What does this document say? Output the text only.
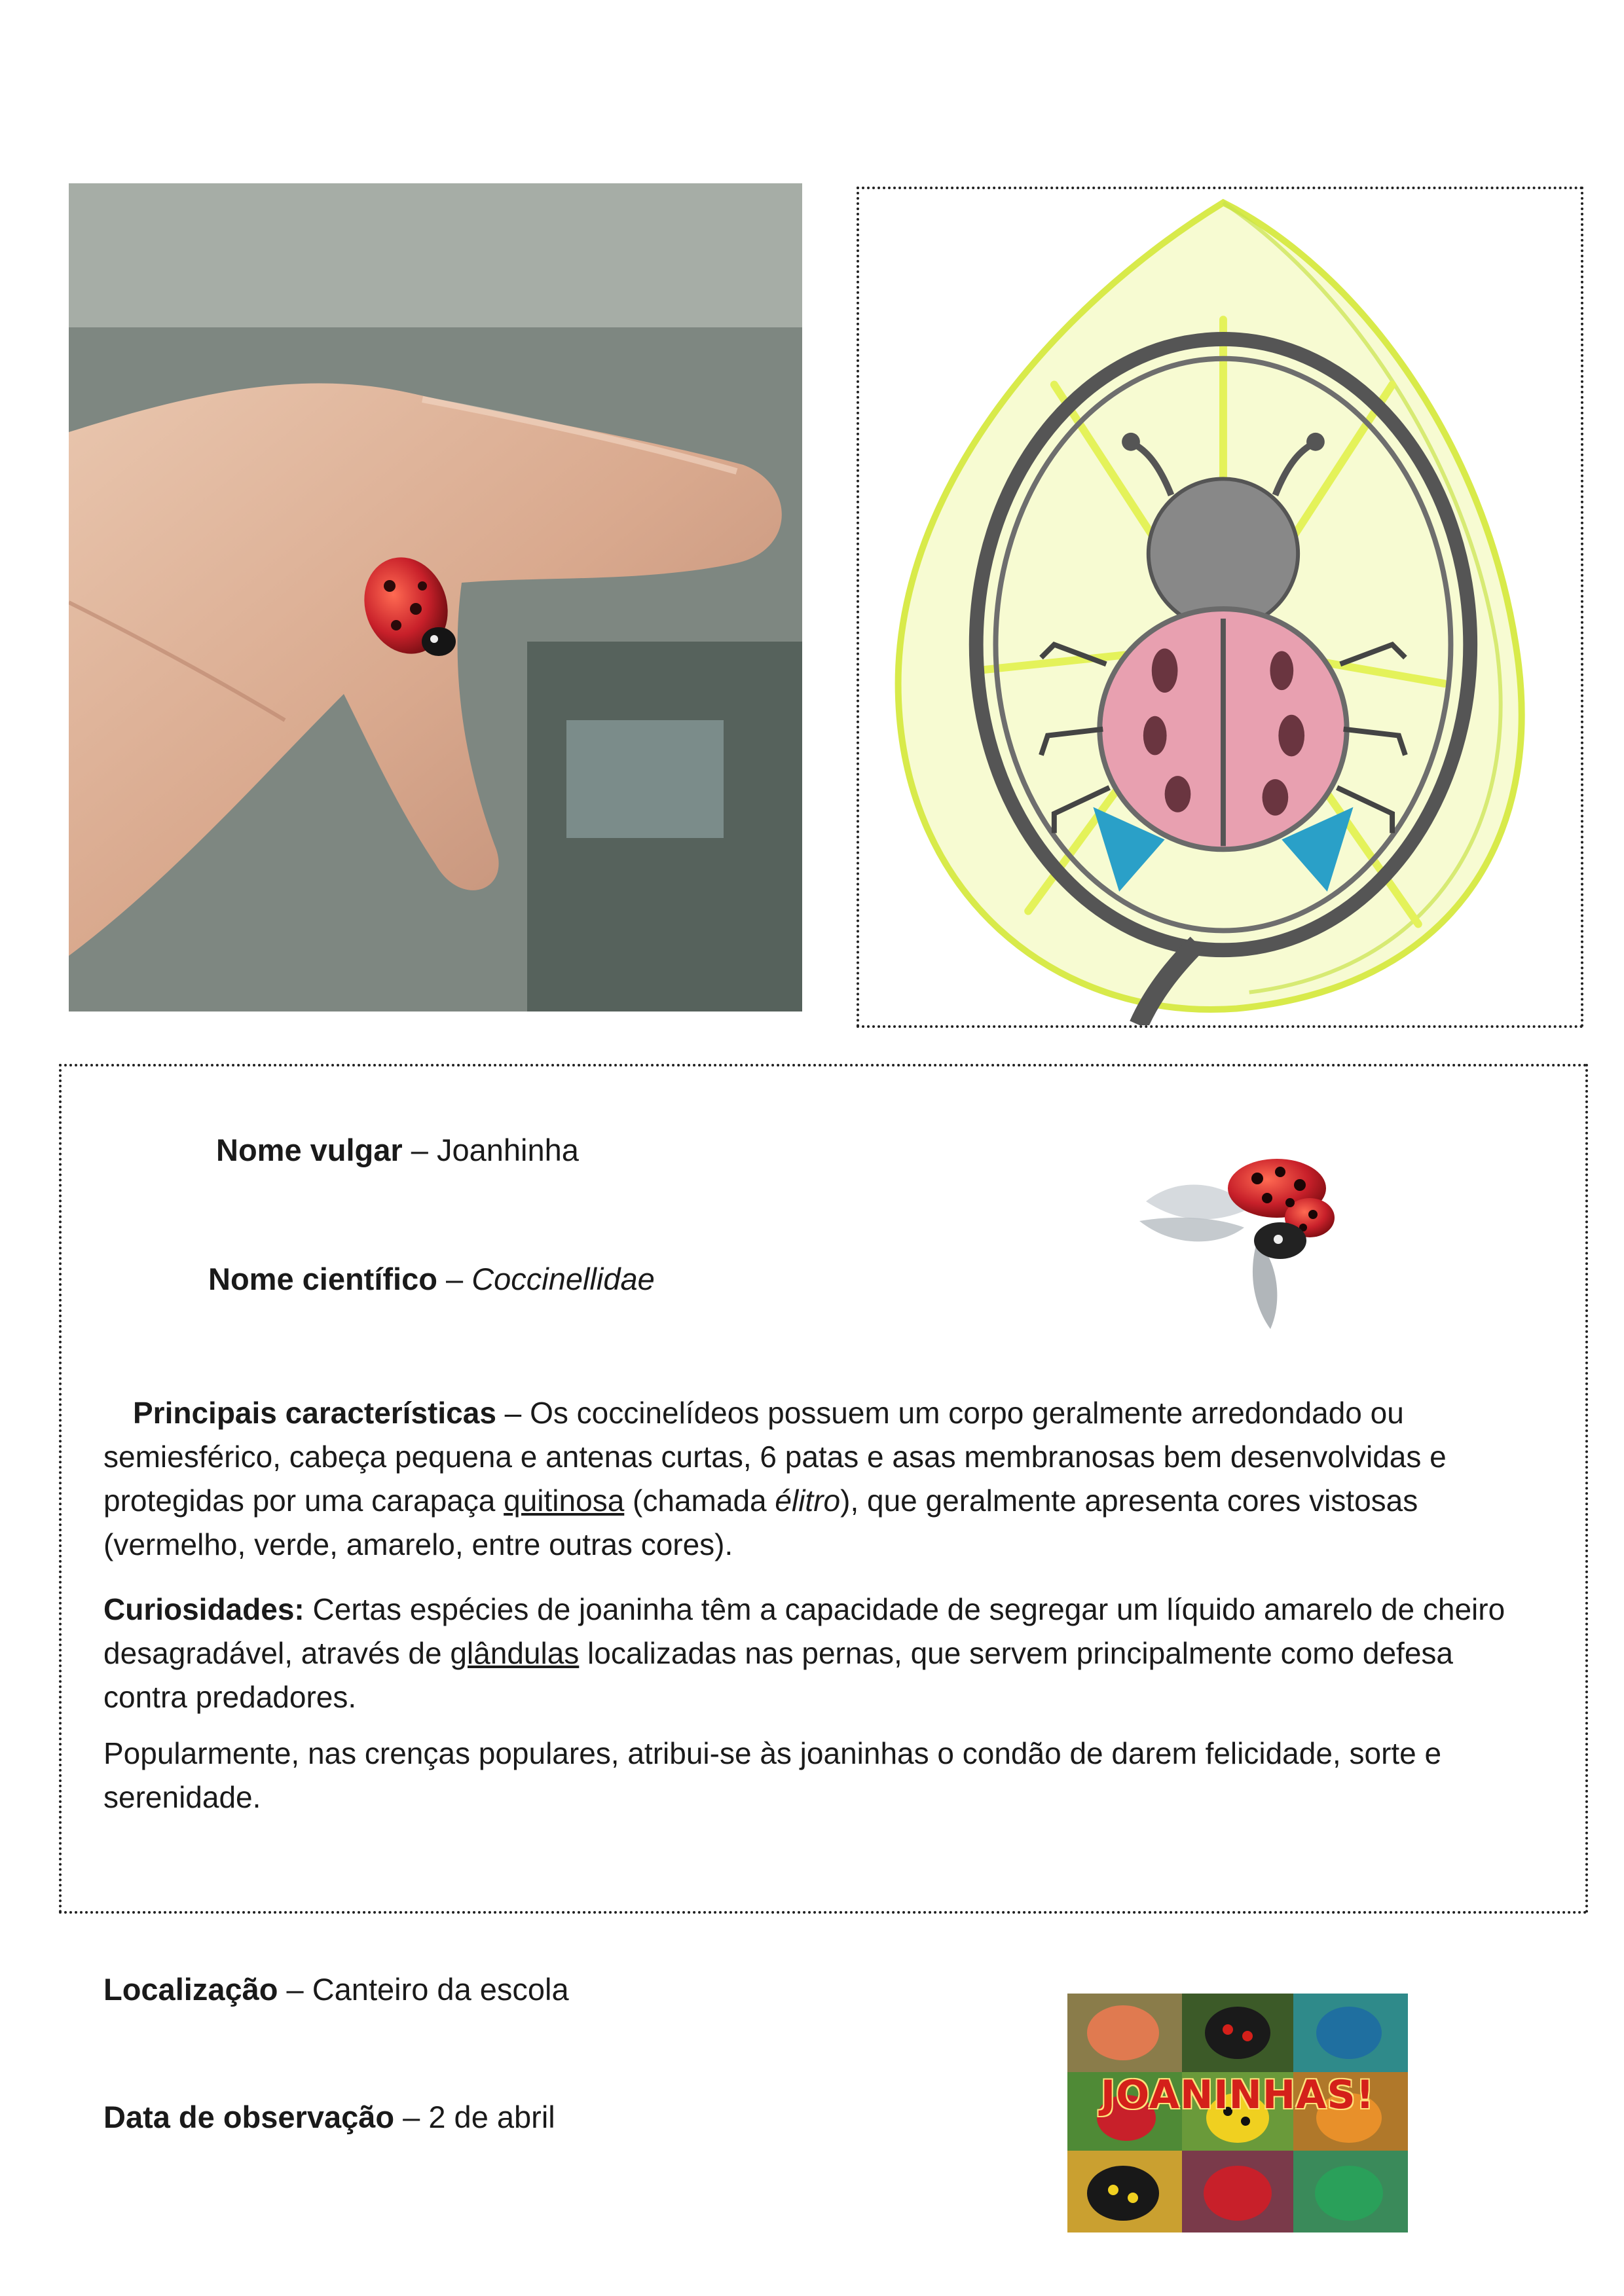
Nome vulgar – Joanhinha
Nome científico – Coccinellidae
Principais características – Os coccinelídeos possuem um corpo geralmente arredondado ou semiesférico, cabeça pequena e antenas curtas, 6 patas e asas membranosas bem desenvolvidas e protegidas por uma carapaça quitinosa (chamada élitro), que geralmente apresenta cores vistosas (vermelho, verde, amarelo, entre outras cores).
Curiosidades: Certas espécies de joaninha têm a capacidade de segregar um líquido amarelo de cheiro desagradável, através de glândulas localizadas nas pernas, que servem principalmente como defesa contra predadores.
Popularmente, nas crenças populares, atribui-se às joaninhas o condão de darem felicidade, sorte e serenidade.
Localização – Canteiro da escola
Data de observação – 2 de abril	JOANINHAS!
